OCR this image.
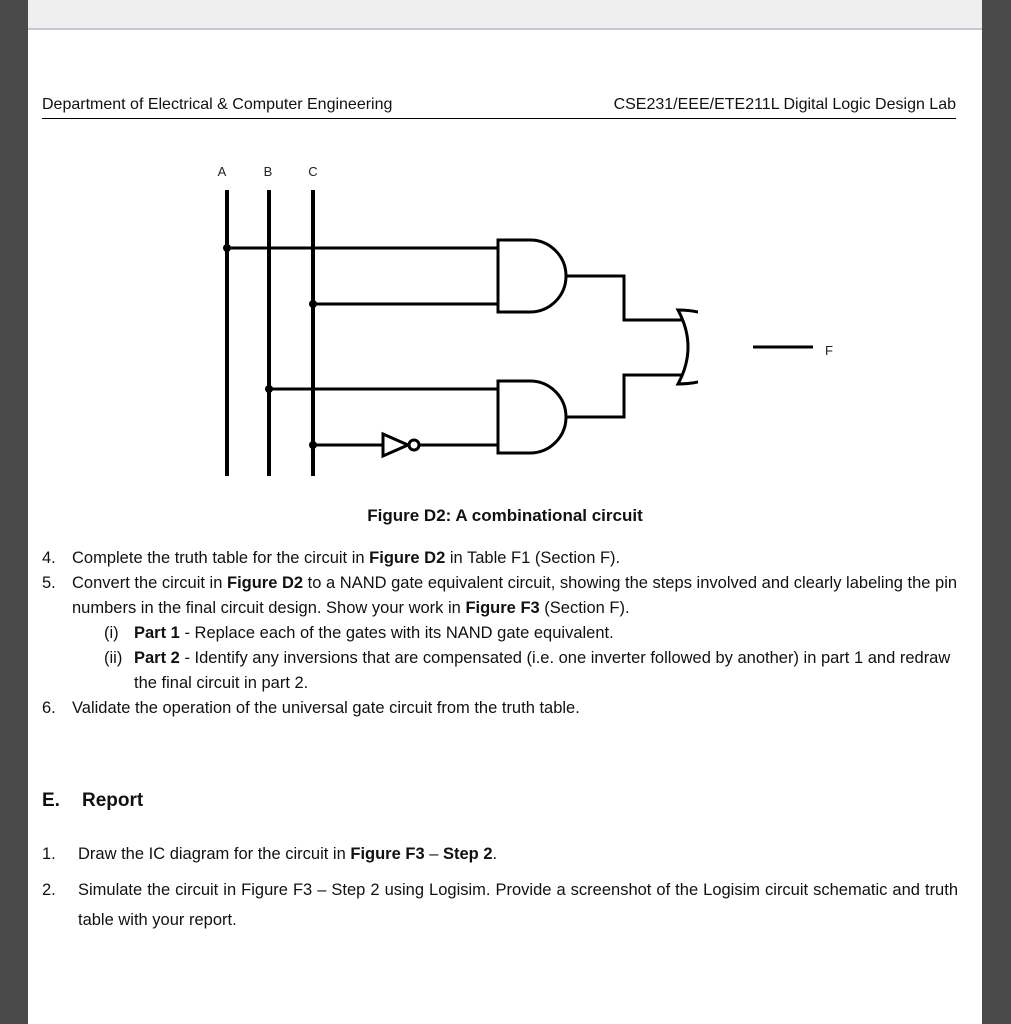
Department of Electrical & Computer Engineering	CSE231/EEE/ETE211L Digital Logic Design Lab
A	B	C
F
Figure D2: A combinational circuit
4. Complete the truth table for the circuit in Figure D2 in Table F1 (Section F).
5. Convert the circuit in Figure D2 to a NAND gate equivalent circuit, showing the steps involved and clearly labeling the pin numbers in the final circuit design. Show your work in Figure F3 (Section F).
(i) Part 1 - Replace each of the gates with its NAND gate equivalent.
(ii) Part 2 - Identify any inversions that are compensated (i.e. one inverter followed by another) in part 1 and redraw the final circuit in part 2.
6. Validate the operation of the universal gate circuit from the truth table.
E. Report
1. Draw the IC diagram for the circuit in Figure F3 – Step 2.
2. Simulate the circuit in Figure F3 – Step 2 using Logisim. Provide a screenshot of the Logisim circuit schematic and truth table with your report.
